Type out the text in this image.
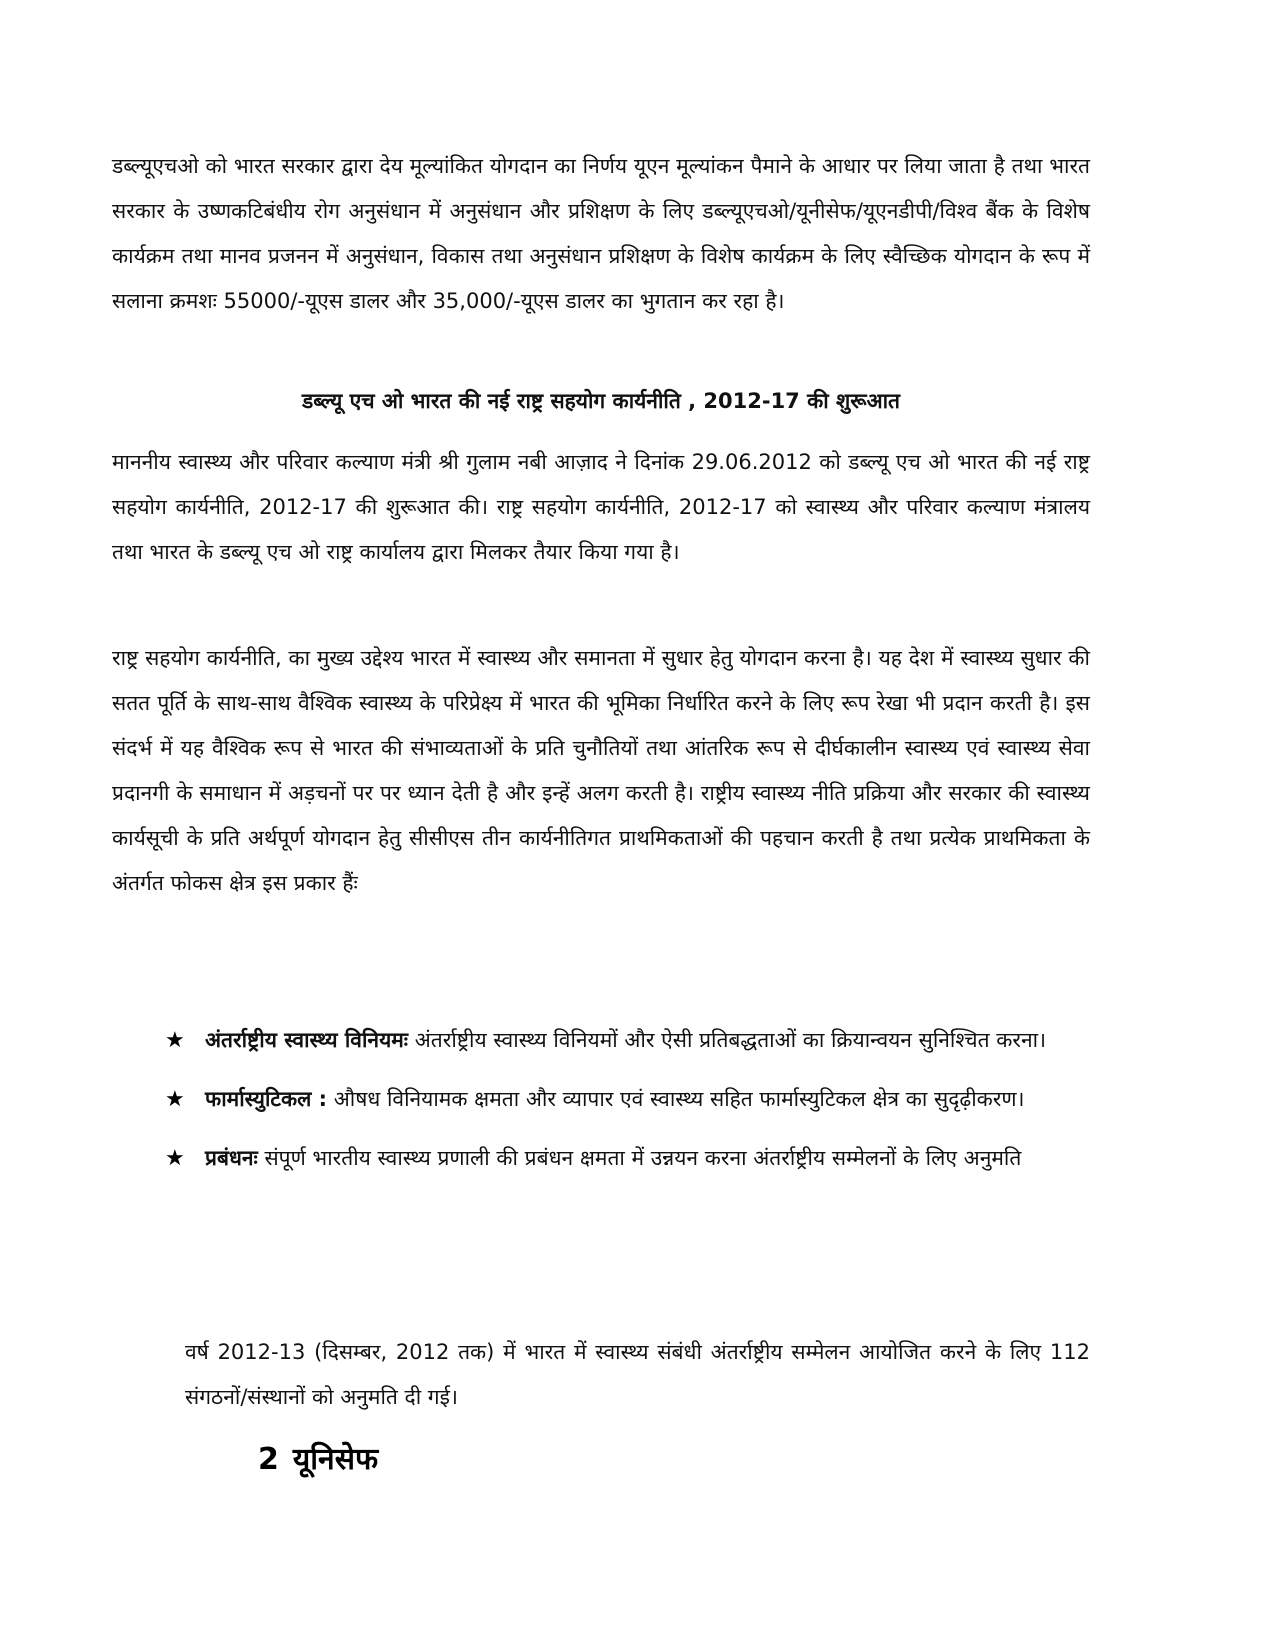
डब्ल्यूएचओ को भारत सरकार द्वारा देय मूल्यांकित योगदान का निर्णय यूएन मूल्यांकन पैमाने के आधार पर लिया जाता है तथा भारत सरकार के उष्णकटिबंधीय रोग अनुसंधान में अनुसंधान और प्रशिक्षण के लिए डब्ल्यूएचओ/यूनीसेफ/यूएनडीपी/विश्व बैंक के विशेष कार्यक्रम तथा मानव प्रजनन में अनुसंधान, विकास तथा अनुसंधान प्रशिक्षण के विशेष कार्यक्रम के लिए स्वैच्छिक योगदान के रूप में सलाना क्रमशः 55000/-यूएस डालर और 35,000/-यूएस डालर का भुगतान कर रहा है।

डब्ल्यू एच ओ भारत की नई राष्ट्र सहयोग कार्यनीति , 2012-17 की शुरूआत

माननीय स्वास्थ्य और परिवार कल्याण मंत्री श्री गुलाम नबी आज़ाद ने दिनांक 29.06.2012 को डब्ल्यू एच ओ भारत की नई राष्ट्र सहयोग कार्यनीति, 2012-17 की शुरूआत की। राष्ट्र सहयोग कार्यनीति, 2012-17 को स्वास्थ्य और परिवार कल्याण मंत्रालय तथा भारत के डब्ल्यू एच ओ राष्ट्र कार्यालय द्वारा मिलकर तैयार किया गया है।

राष्ट्र सहयोग कार्यनीति, का मुख्य उद्देश्य भारत में स्वास्थ्य और समानता में सुधार हेतु योगदान करना है। यह देश में स्वास्थ्य सुधार की सतत पूर्ति के साथ-साथ वैश्विक स्वास्थ्य के परिप्रेक्ष्य में भारत की भूमिका निर्धारित करने के लिए रूप रेखा भी प्रदान करती है। इस संदर्भ में यह वैश्विक रूप से भारत की संभाव्यताओं के प्रति चुनौतियों तथा आंतरिक रूप से दीर्घकालीन स्वास्थ्य एवं स्वास्थ्य सेवा प्रदानगी के समाधान में अड़चनों पर पर ध्यान देती है और इन्हें अलग करती है। राष्ट्रीय स्वास्थ्य नीति प्रक्रिया और सरकार की स्वास्थ्य कार्यसूची के प्रति अर्थपूर्ण योगदान हेतु सीसीएस तीन कार्यनीतिगत प्राथमिकताओं की पहचान करती है तथा प्रत्येक प्राथमिकता के अंतर्गत फोकस क्षेत्र इस प्रकार हैंः

★ अंतर्राष्ट्रीय स्वास्थ्य विनियमः अंतर्राष्ट्रीय स्वास्थ्य विनियमों और ऐसी प्रतिबद्धताओं का क्रियान्वयन सुनिश्चित करना।
★ फार्मास्युटिकल : औषध विनियामक क्षमता और व्यापार एवं स्वास्थ्य सहित फार्मास्युटिकल क्षेत्र का सुदृढ़ीकरण।
★ प्रबंधनः संपूर्ण भारतीय स्वास्थ्य प्रणाली की प्रबंधन क्षमता में उन्नयन करना अंतर्राष्ट्रीय सम्मेलनों के लिए अनुमति

वर्ष 2012-13 (दिसम्बर, 2012 तक) में भारत में स्वास्थ्य संबंधी अंतर्राष्ट्रीय सम्मेलन आयोजित करने के लिए 112 संगठनों/संस्थानों को अनुमति दी गई।

2 यूनिसेफ
